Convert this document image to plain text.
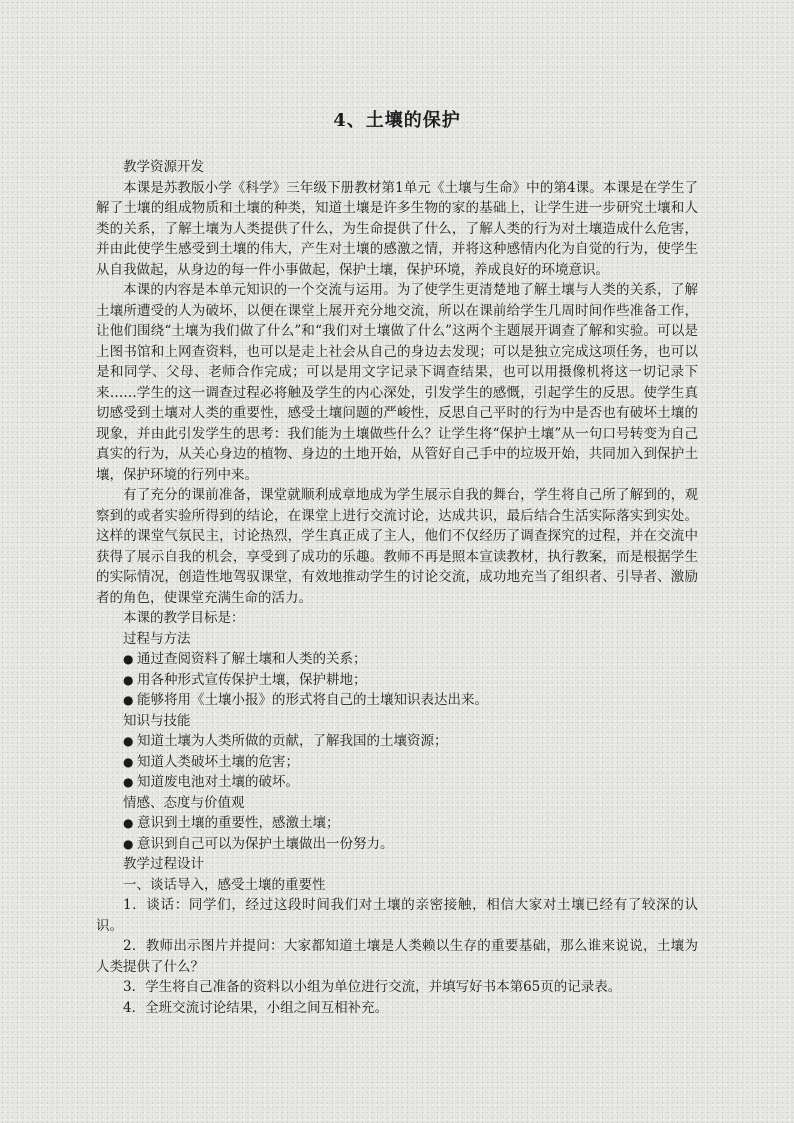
4、土壤的保护
教学资源开发
本课是苏教版小学《科学》三年级下册教材第1单元《土壤与生命》中的第4课。本课是在学生了解了土壤的组成物质和土壤的种类，知道土壤是许多生物的家的基础上，让学生进一步研究土壤和人类的关系，了解土壤为人类提供了什么，为生命提供了什么，了解人类的行为对土壤造成什么危害，并由此使学生感受到土壤的伟大，产生对土壤的感激之情，并将这种感情内化为自觉的行为，使学生从自我做起，从身边的每一件小事做起，保护土壤，保护环境，养成良好的环境意识。
本课的内容是本单元知识的一个交流与运用。为了使学生更清楚地了解土壤与人类的关系，了解土壤所遭受的人为破坏，以便在课堂上展开充分地交流，所以在课前给学生几周时间作些准备工作，让他们围绕“土壤为我们做了什么”和“我们对土壤做了什么”这两个主题展开调查了解和实验。可以是上图书馆和上网查资料，也可以是走上社会从自己的身边去发现；可以是独立完成这项任务，也可以是和同学、父母、老师合作完成；可以是用文字记录下调查结果，也可以用摄像机将这一切记录下来……学生的这一调查过程必将触及学生的内心深处，引发学生的感慨，引起学生的反思。使学生真切感受到土壤对人类的重要性，感受土壤问题的严峻性，反思自己平时的行为中是否也有破坏土壤的现象，并由此引发学生的思考：我们能为土壤做些什么？让学生将“保护土壤”从一句口号转变为自己真实的行为，从关心身边的植物、身边的土地开始，从管好自己手中的垃圾开始，共同加入到保护土壤，保护环境的行列中来。
有了充分的课前准备，课堂就顺利成章地成为学生展示自我的舞台，学生将自己所了解到的，观察到的或者实验所得到的结论，在课堂上进行交流讨论，达成共识，最后结合生活实际落实到实处。这样的课堂气氛民主，讨论热烈，学生真正成了主人，他们不仅经历了调查探究的过程，并在交流中获得了展示自我的机会，享受到了成功的乐趣。教师不再是照本宣读教材，执行教案，而是根据学生的实际情况，创造性地驾驭课堂，有效地推动学生的讨论交流，成功地充当了组织者、引导者、激励者的角色，使课堂充满生命的活力。
本课的教学目标是：
过程与方法
● 通过查阅资料了解土壤和人类的关系；
● 用各种形式宣传保护土壤，保护耕地；
● 能够将用《土壤小报》的形式将自己的土壤知识表达出来。
知识与技能
● 知道土壤为人类所做的贡献，了解我国的土壤资源；
● 知道人类破坏土壤的危害；
● 知道废电池对土壤的破坏。
情感、态度与价值观
● 意识到土壤的重要性，感激土壤；
● 意识到自己可以为保护土壤做出一份努力。
教学过程设计
一、谈话导入，感受土壤的重要性
1．谈话：同学们，经过这段时间我们对土壤的亲密接触，相信大家对土壤已经有了较深的认识。
2．教师出示图片并提问：大家都知道土壤是人类赖以生存的重要基础，那么谁来说说，土壤为人类提供了什么？
3．学生将自己准备的资料以小组为单位进行交流，并填写好书本第65页的记录表。
4．全班交流讨论结果，小组之间互相补充。
